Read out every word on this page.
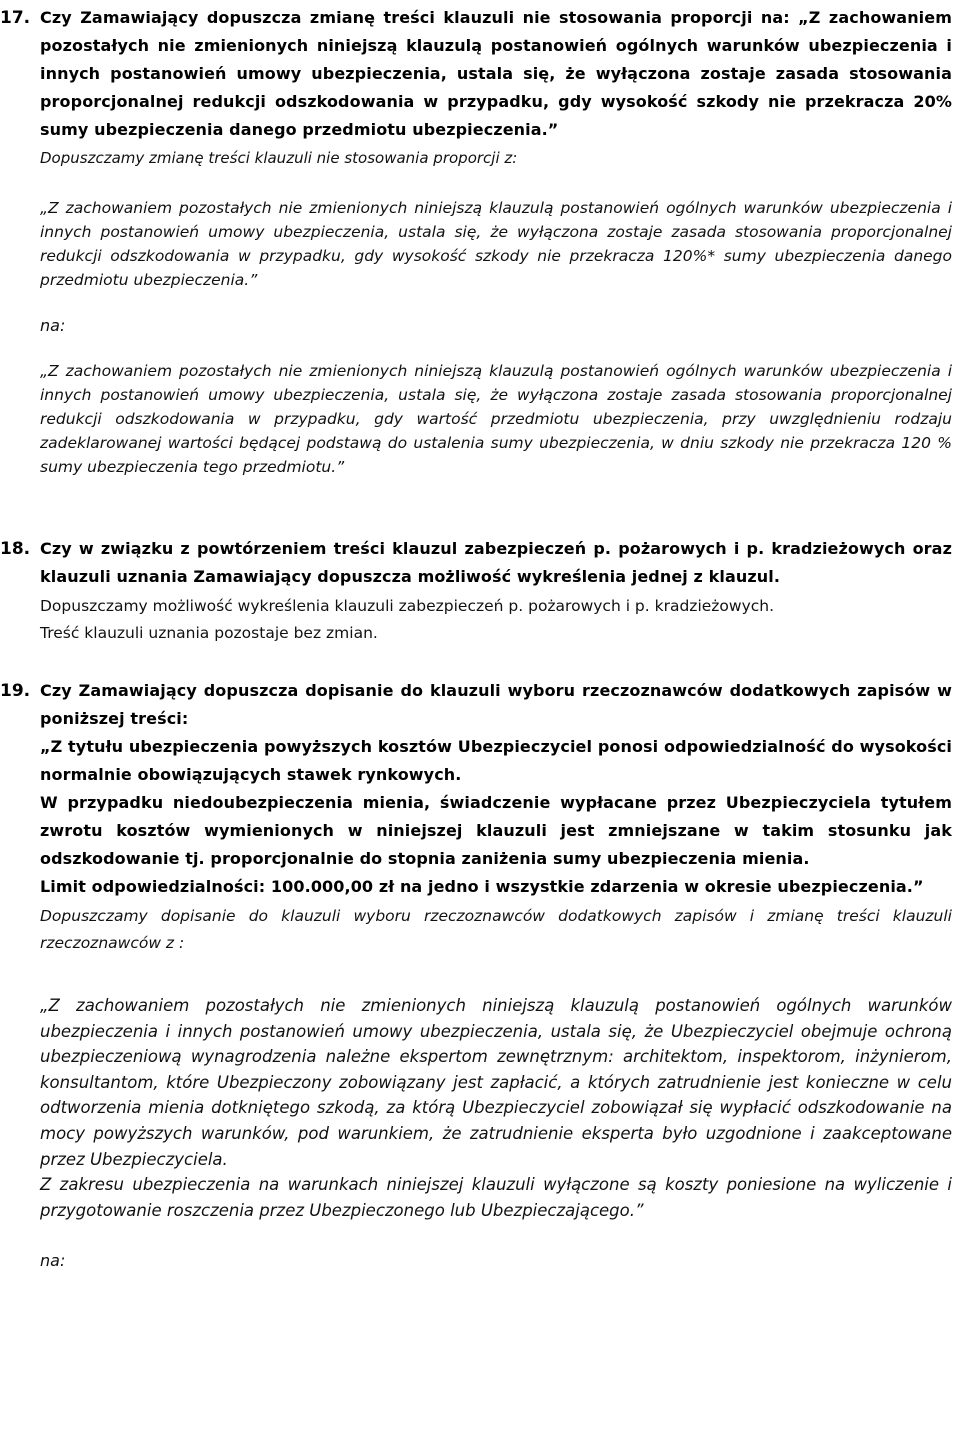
17. Czy Zamawiający dopuszcza zmianę treści klauzuli nie stosowania proporcji na: „Z zachowaniem pozostałych nie zmienionych niniejszą klauzulą postanowień ogólnych warunków ubezpieczenia i innych postanowień umowy ubezpieczenia, ustala się, że wyłączona zostaje zasada stosowania proporcjonalnej redukcji odszkodowania w przypadku, gdy wysokość szkody nie przekracza 20% sumy ubezpieczenia danego przedmiotu ubezpieczenia.”
Dopuszczamy zmianę treści klauzuli nie stosowania proporcji z:
„Z zachowaniem pozostałych nie zmienionych niniejszą klauzulą postanowień ogólnych warunków ubezpieczenia i innych postanowień umowy ubezpieczenia, ustala się, że wyłączona zostaje zasada stosowania proporcjonalnej redukcji odszkodowania w przypadku, gdy wysokość szkody nie przekracza 120%* sumy ubezpieczenia danego przedmiotu ubezpieczenia.”
na:
„Z zachowaniem pozostałych nie zmienionych niniejszą klauzulą postanowień ogólnych warunków ubezpieczenia i innych postanowień umowy ubezpieczenia, ustala się, że wyłączona zostaje zasada stosowania proporcjonalnej redukcji odszkodowania w przypadku, gdy wartość przedmiotu ubezpieczenia, przy uwzględnieniu rodzaju zadeklarowanej wartości będącej podstawą do ustalenia sumy ubezpieczenia, w dniu szkody nie przekracza 120 % sumy ubezpieczenia tego przedmiotu.”
18. Czy w związku z powtórzeniem treści klauzul zabezpieczeń p. pożarowych i p. kradzieżowych oraz klauzuli uznania Zamawiający dopuszcza możliwość wykreślenia jednej z klauzul.
Dopuszczamy możliwość wykreślenia klauzuli zabezpieczeń p. pożarowych i p. kradzieżowych.
Treść klauzuli uznania pozostaje bez zmian.
19. Czy Zamawiający dopuszcza dopisanie do klauzuli wyboru rzeczoznawców dodatkowych zapisów w poniższej treści:
„Z tytułu ubezpieczenia powyższych kosztów Ubezpieczyciel ponosi odpowiedzialność do wysokości normalnie obowiązujących stawek rynkowych.
W przypadku niedoubezpieczenia mienia, świadczenie wypłacane przez Ubezpieczyciela tytułem zwrotu kosztów wymienionych w niniejszej klauzuli jest zmniejszane w takim stosunku jak odszkodowanie tj. proporcjonalnie do stopnia zaniżenia sumy ubezpieczenia mienia.
Limit odpowiedzialności: 100.000,00 zł na jedno i wszystkie zdarzenia w okresie ubezpieczenia.”
Dopuszczamy dopisanie do klauzuli wyboru rzeczoznawców dodatkowych zapisów i zmianę treści klauzuli rzeczoznawców z :
„Z zachowaniem pozostałych nie zmienionych niniejszą klauzulą postanowień ogólnych warunków ubezpieczenia i innych postanowień umowy ubezpieczenia, ustala się, że Ubezpieczyciel obejmuje ochroną ubezpieczeniową wynagrodzenia należne ekspertom zewnętrznym: architektom, inspektorom, inżynierom, konsultantom, które Ubezpieczony zobowiązany jest zapłacić, a których zatrudnienie jest konieczne w celu odtworzenia mienia dotkniętego szkodą, za którą Ubezpieczyciel zobowiązał się wypłacić odszkodowanie na mocy powyższych warunków, pod warunkiem, że zatrudnienie eksperta było uzgodnione i zaakceptowane przez Ubezpieczyciela.
Z zakresu ubezpieczenia na warunkach niniejszej klauzuli wyłączone są koszty poniesione na wyliczenie i przygotowanie roszczenia przez Ubezpieczonego lub Ubezpieczającego.”
na:
